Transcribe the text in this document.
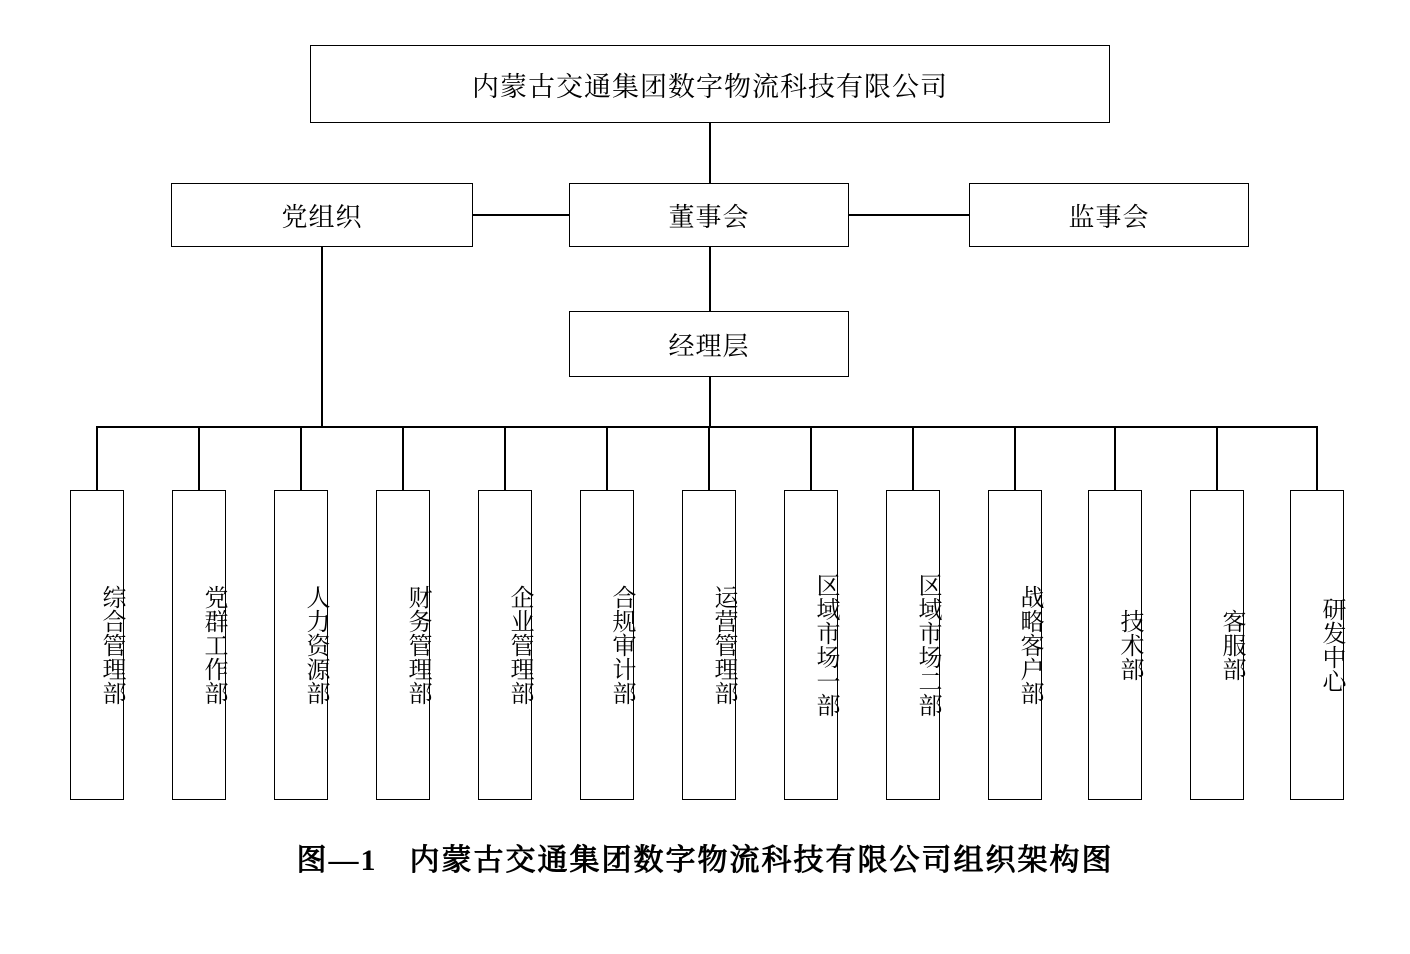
内蒙古交通集团数字物流科技有限公司
党组织	董事会	监事会
经理层
综合管理部	党群工作部	人力资源部	财务管理部	企业管理部	合规审计部	运营管理部	区域市场一部	区域市场二部	战略客户部	技术部	客服部	研发中心
图—1　内蒙古交通集团数字物流科技有限公司组织架构图
